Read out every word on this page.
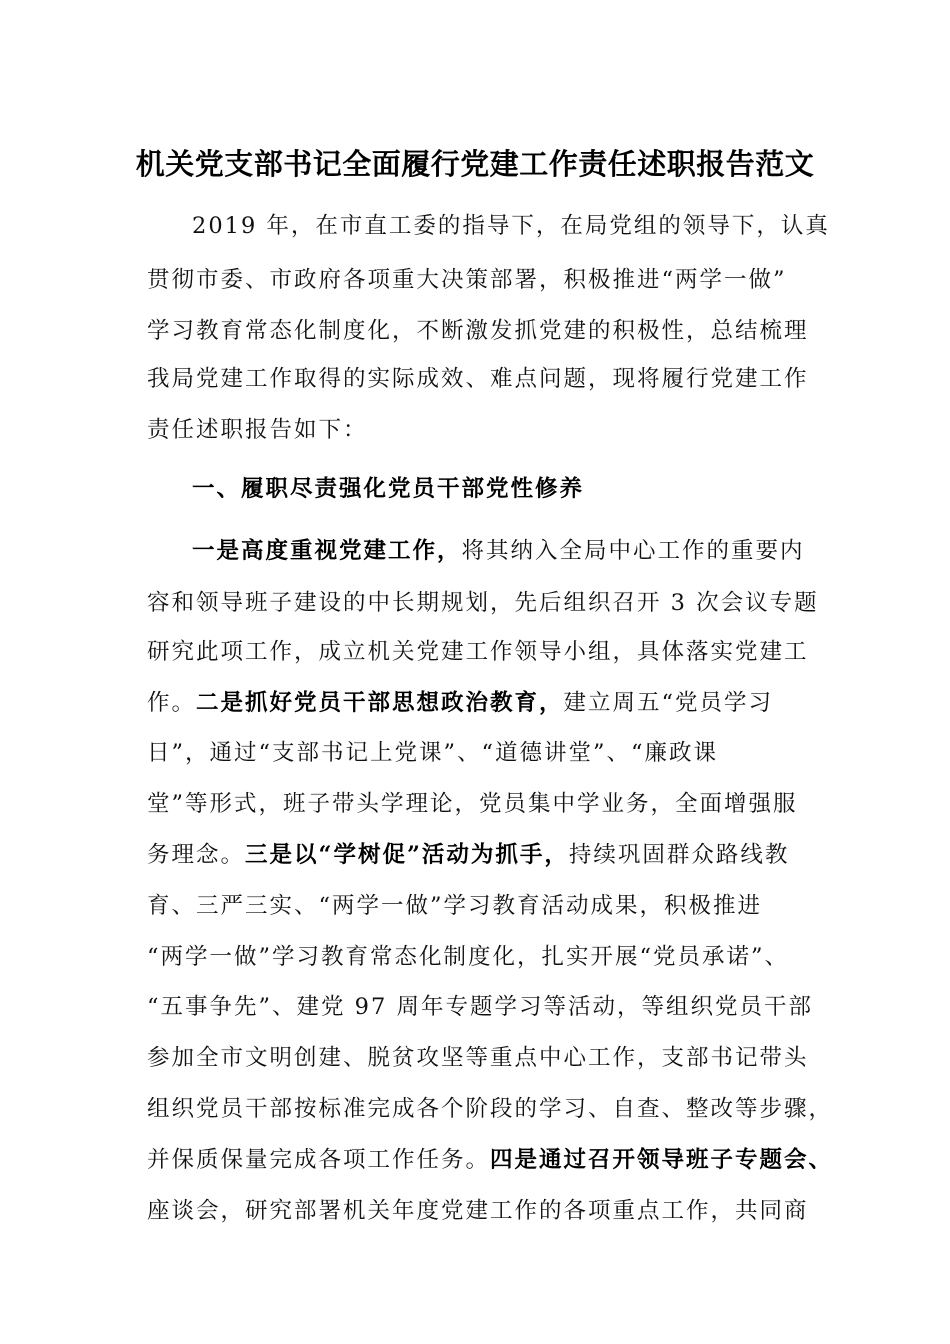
机关党支部书记全面履行党建工作责任述职报告范文
2019 年，在市直工委的指导下，在局党组的领导下，认真
贯彻市委、市政府各项重大决策部署，积极推进“两学一做”
学习教育常态化制度化，不断激发抓党建的积极性，总结梳理
我局党建工作取得的实际成效、难点问题，现将履行党建工作
责任述职报告如下：
一、履职尽责强化党员干部党性修养
一是高度重视党建工作，将其纳入全局中心工作的重要内
容和领导班子建设的中长期规划，先后组织召开 3 次会议专题
研究此项工作，成立机关党建工作领导小组，具体落实党建工
作。二是抓好党员干部思想政治教育，建立周五“党员学习
日”，通过“支部书记上党课”、“道德讲堂”、“廉政课
堂”等形式，班子带头学理论，党员集中学业务，全面增强服
务理念。三是以“学树促”活动为抓手，持续巩固群众路线教
育、三严三实、“两学一做”学习教育活动成果，积极推进
“两学一做”学习教育常态化制度化，扎实开展“党员承诺”、
“五事争先”、建党 97 周年专题学习等活动，等组织党员干部
参加全市文明创建、脱贫攻坚等重点中心工作，支部书记带头
组织党员干部按标准完成各个阶段的学习、自查、整改等步骤，
并保质保量完成各项工作任务。四是通过召开领导班子专题会、
座谈会，研究部署机关年度党建工作的各项重点工作，共同商
